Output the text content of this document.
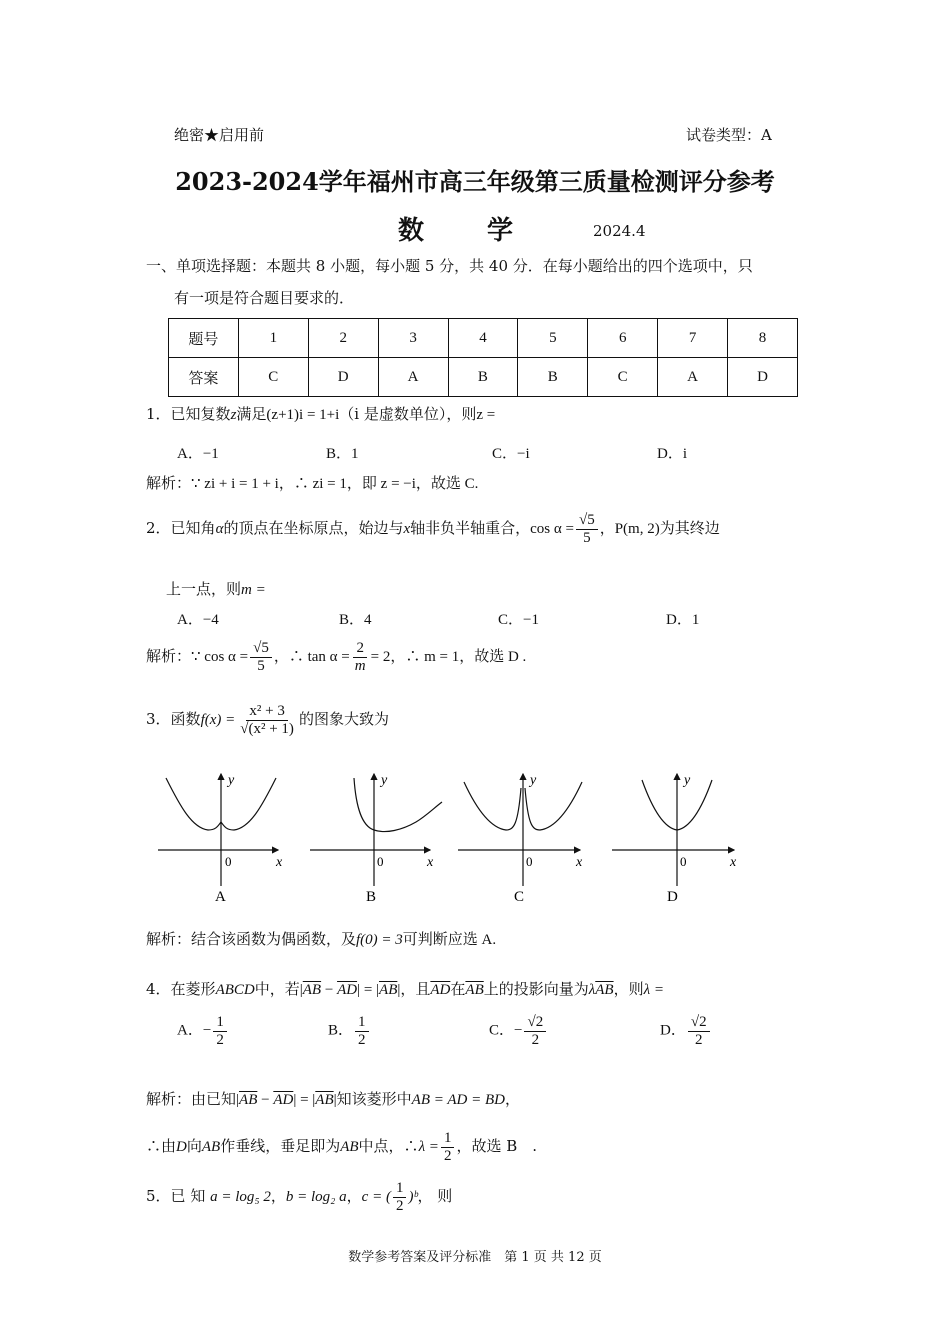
绝密★启用前	试卷类型：A
2023-2024学年福州市高三年级第三质量检测评分参考
数 学	2024.4
一、单项选择题：本题共 8 小题，每小题 5 分，共 40 分．在每小题给出的四个选项中，只
有一项是符合题目要求的．
题号	1	2	3	4	5	6	7	8
答案	C	D	A	B	B	C	A	D
1．已知复数z满足(z+1)i = 1+i（i 是虚数单位），则z =
A．−1	B．1	C．−i	D．i
解析：∵ zi + i = 1 + i，∴ zi = 1，即 z = −i，故选 C.
2．已知角α的顶点在坐标原点，始边与x轴非负半轴重合，$\cos \alpha = \frac{√5}{5}$ ，P(m, 2)为其终边
上一点，则m =
A．−4	B．4	C．−1	D．1
解析：∵ $\cos \alpha = \frac{√5}{5}$ ，∴ $\tan \alpha = \frac{2}{m} = 2$，∴ m = 1，故选 D .
3．函数$f(x) = \frac{\text{x² + 3}}{\text{√(x² + 1)}}$ 的图象大致为
y
x
0
A
y
x
0
B
y
x
0
C
y
x
0
D
解析：结合该函数为偶函数，及f(0) = 3可判断应选 A.
4．在菱形ABCD中，若$|\overline{AB} - \overline{AD}| = |\overline{AB}|$，且$\overline{AD}$在$\overline{AB}$上的投影向量为$\lambda\overline{AB}$，则λ =
A．− $\frac{1}{2}$	B． $\frac{1}{2}$	C．− $\frac{√2}{2}$	D． $\frac{√2}{2}$
解析：由已知$|\overline{AB} - \overline{AD}| = |\overline{AB}|$知该菱形中AB = AD = BD，
∴由D向AB作垂线，垂足即为AB中点，∴λ = $\frac{1}{2}$ ，故选 B　.
5．已 知 a = log₅ 2，b = log₂ a，c = ( $\frac{1}{2}$ )ᵇ， 则
数学参考答案及评分标准　第 1 页 共 12 页
